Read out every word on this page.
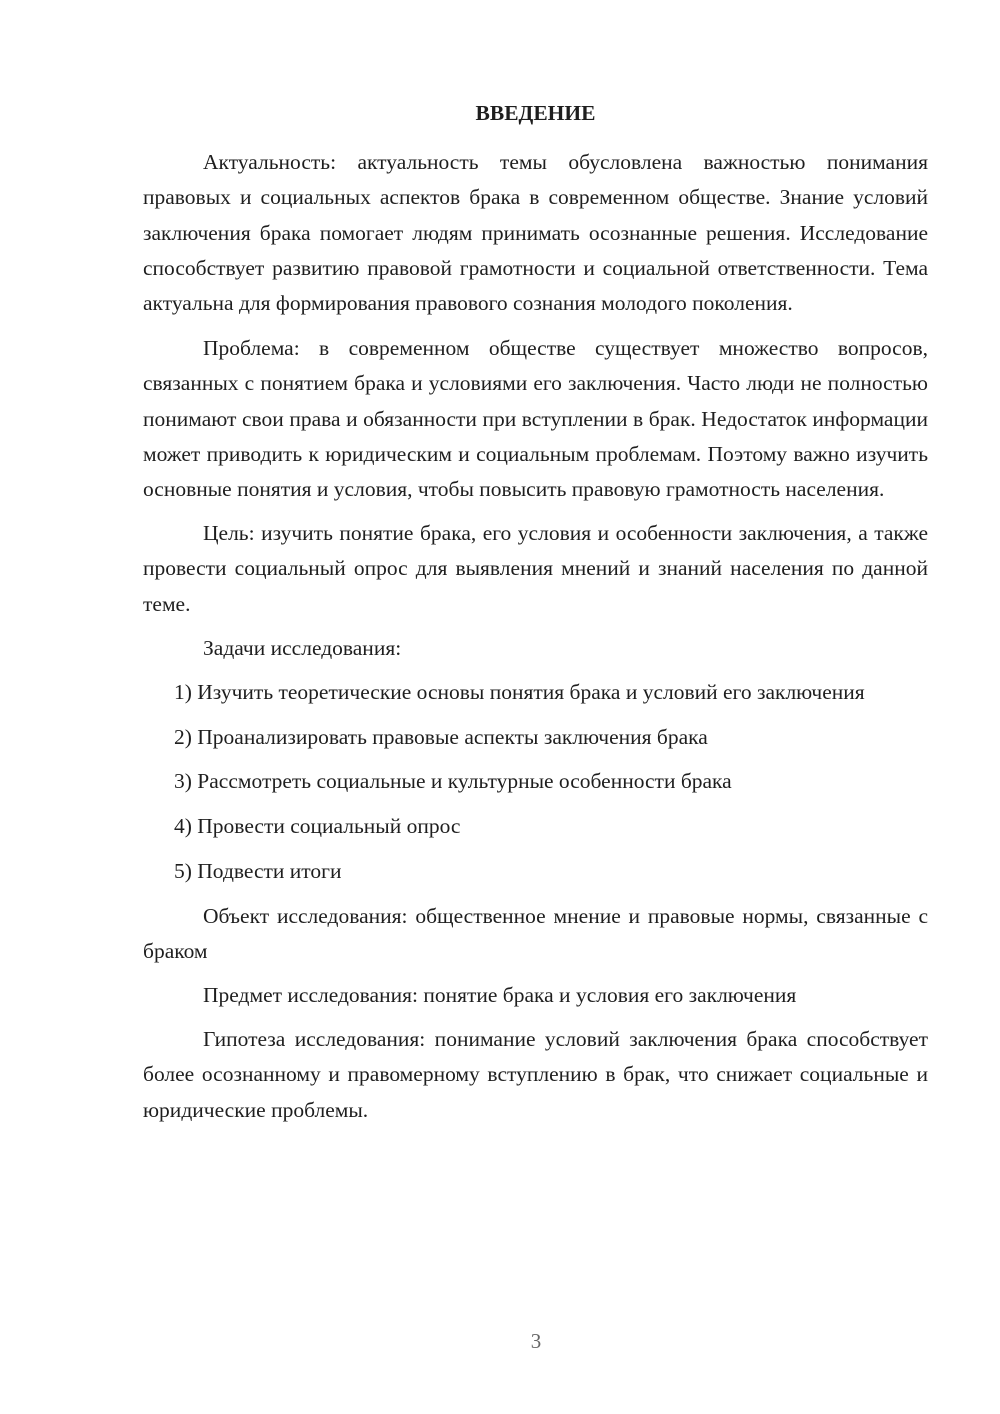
ВВЕДЕНИЕ

Актуальность: актуальность темы обусловлена важностью понимания правовых и социальных аспектов брака в современном обществе. Знание условий заключения брака помогает людям принимать осознанные решения. Исследование способствует развитию правовой грамотности и социальной ответственности. Тема актуальна для формирования правового сознания молодого поколения.

Проблема: в современном обществе существует множество вопросов, связанных с понятием брака и условиями его заключения. Часто люди не полностью понимают свои права и обязанности при вступлении в брак. Недостаток информации может приводить к юридическим и социальным проблемам. Поэтому важно изучить основные понятия и условия, чтобы повысить правовую грамотность населения.

Цель: изучить понятие брака, его условия и особенности заключения, а также провести социальный опрос для выявления мнений и знаний населения по данной теме.

Задачи исследования:

1) Изучить теоретические основы понятия брака и условий его заключения

2) Проанализировать правовые аспекты заключения брака

3) Рассмотреть социальные и культурные особенности брака

4) Провести социальный опрос

5) Подвести итоги

Объект исследования: общественное мнение и правовые нормы, связанные с браком

Предмет исследования: понятие брака и условия его заключения

Гипотеза исследования: понимание условий заключения брака способствует более осознанному и правомерному вступлению в брак, что снижает социальные и юридические проблемы.

3
